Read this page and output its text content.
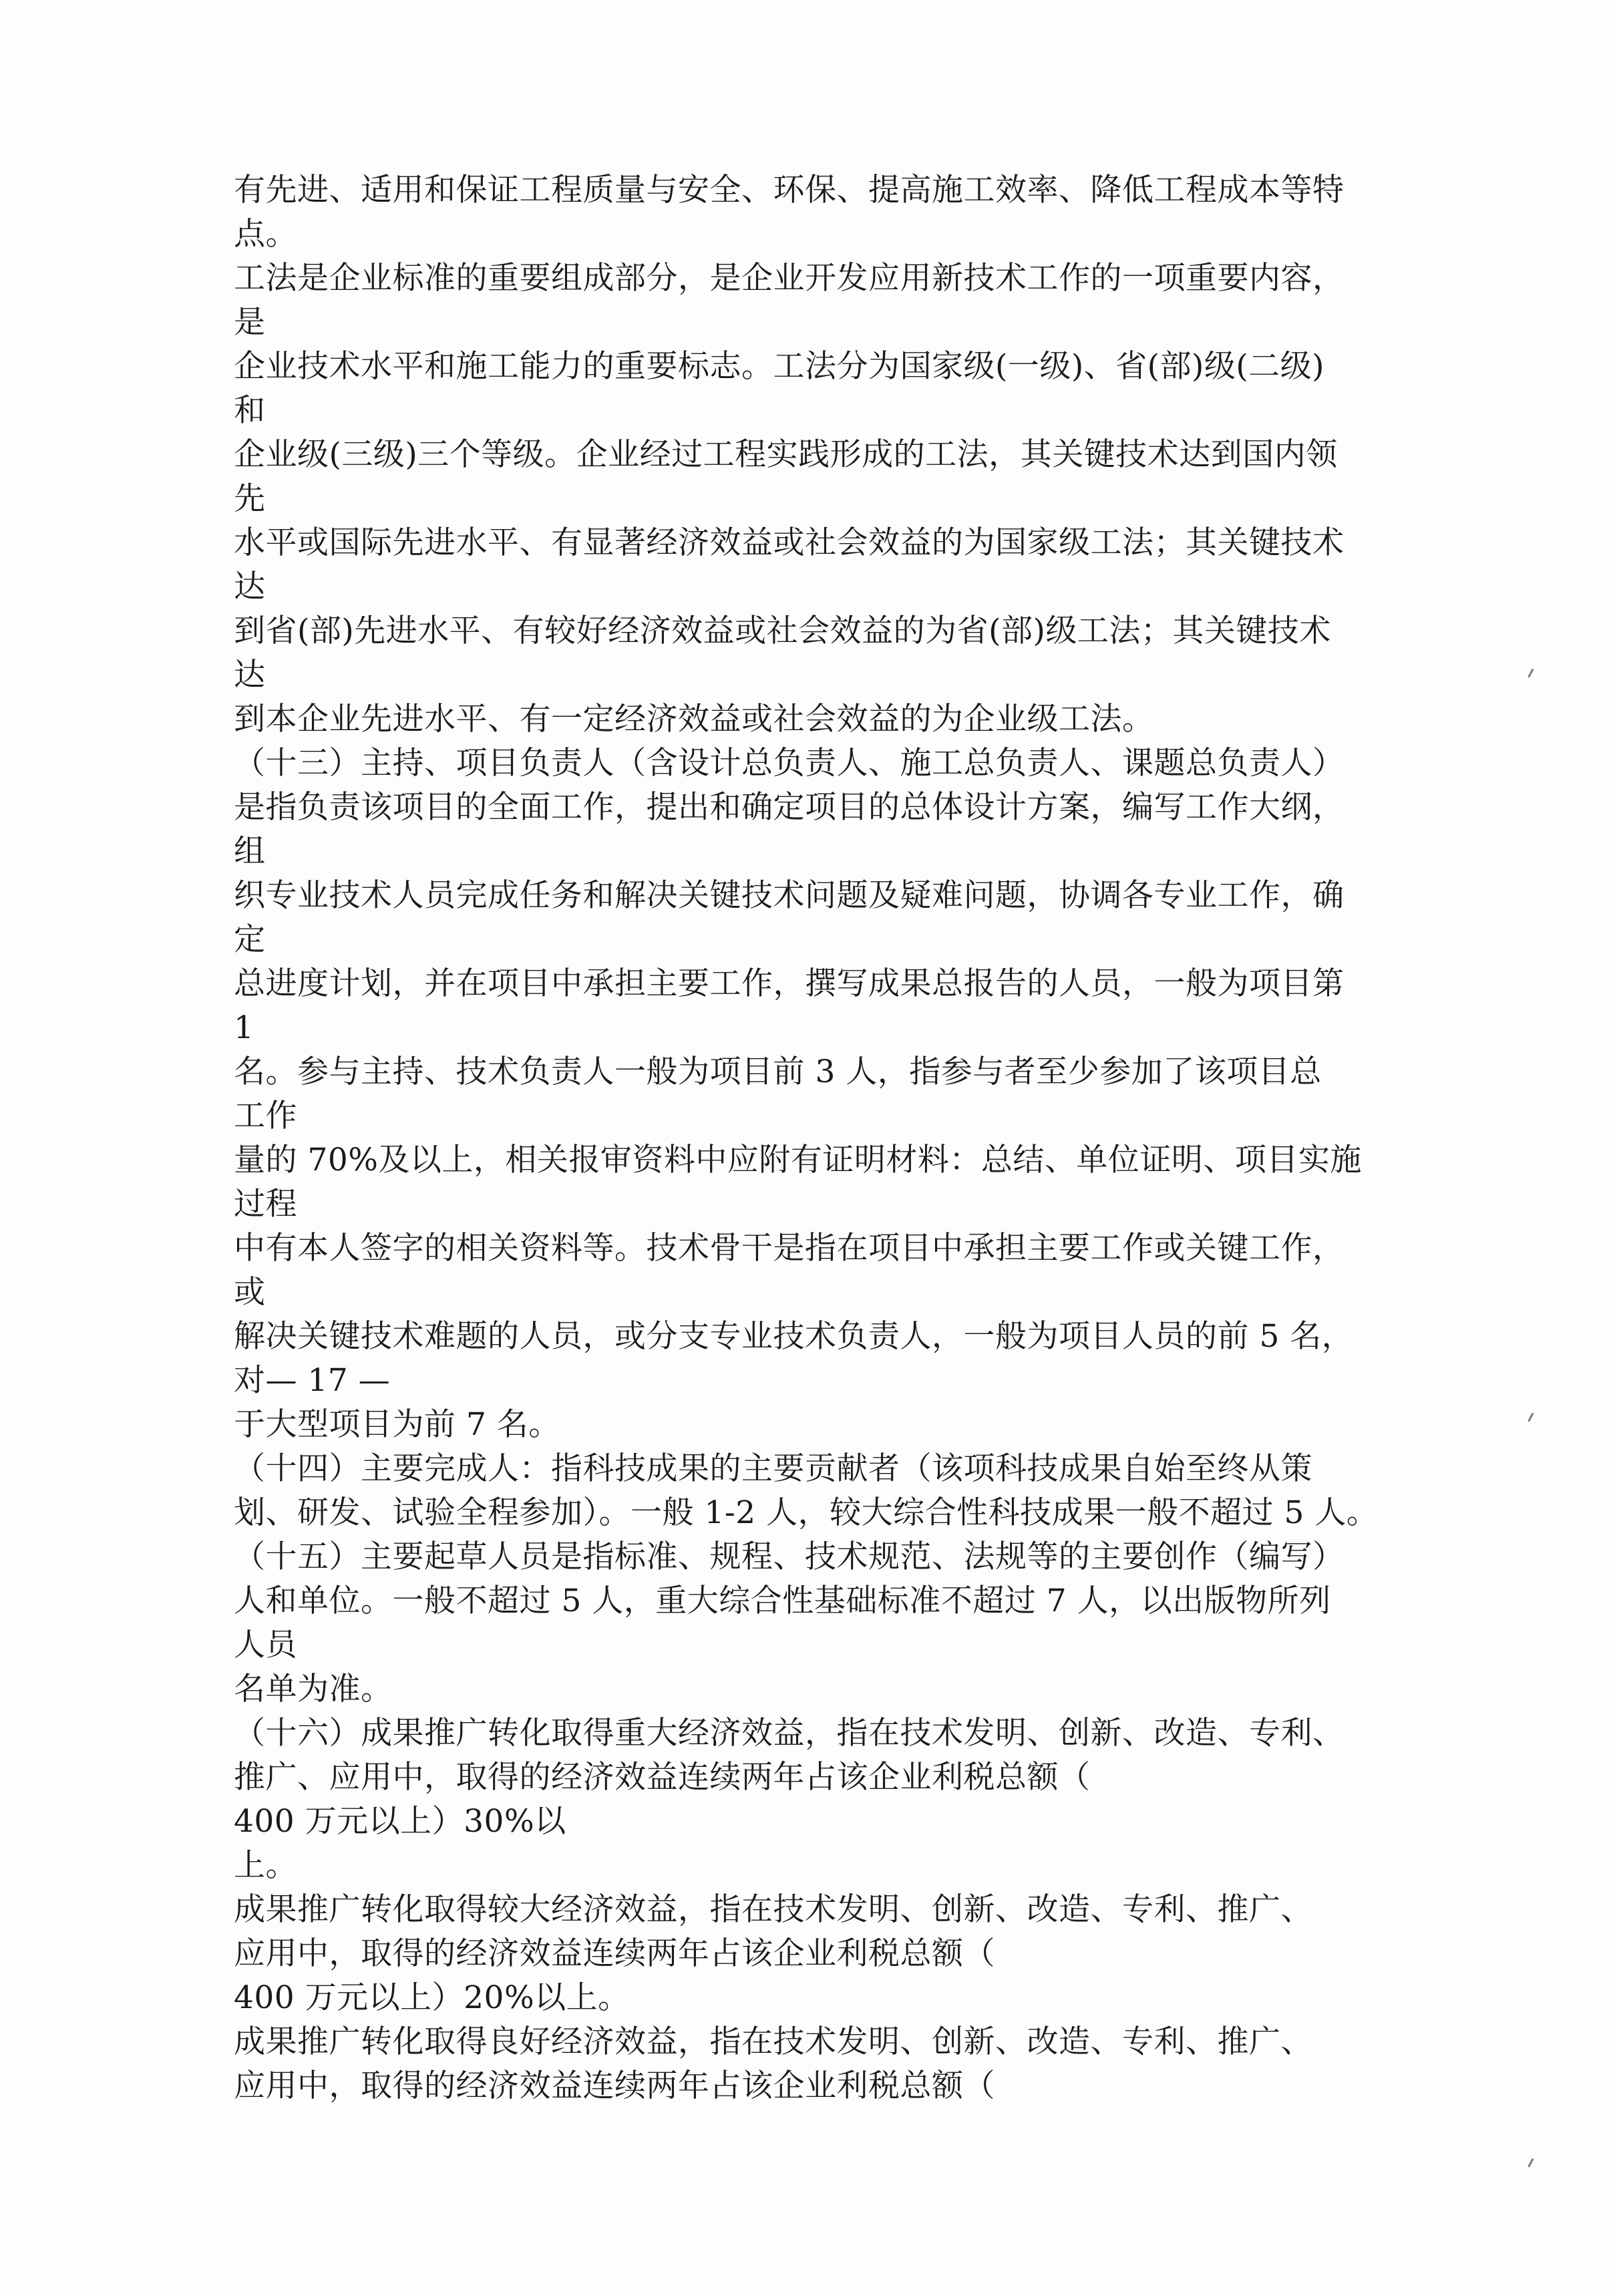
有先进、适用和保证工程质量与安全、环保、提高施工效率、降低工程成本等特
点。
工法是企业标准的重要组成部分，是企业开发应用新技术工作的一项重要内容，
是
企业技术水平和施工能力的重要标志。工法分为国家级(一级)、省(部)级(二级)
和
企业级(三级)三个等级。企业经过工程实践形成的工法，其关键技术达到国内领
先
水平或国际先进水平、有显著经济效益或社会效益的为国家级工法；其关键技术
达
到省(部)先进水平、有较好经济效益或社会效益的为省(部)级工法；其关键技术
达
到本企业先进水平、有一定经济效益或社会效益的为企业级工法。
（十三）主持、项目负责人（含设计总负责人、施工总负责人、课题总负责人）
是指负责该项目的全面工作，提出和确定项目的总体设计方案，编写工作大纲，
组
织专业技术人员完成任务和解决关键技术问题及疑难问题，协调各专业工作，确
定
总进度计划，并在项目中承担主要工作，撰写成果总报告的人员，一般为项目第
1
名。参与主持、技术负责人一般为项目前 3 人，指参与者至少参加了该项目总
工作
量的 70%及以上，相关报审资料中应附有证明材料：总结、单位证明、项目实施
过程
中有本人签字的相关资料等。技术骨干是指在项目中承担主要工作或关键工作，
或
解决关键技术难题的人员，或分支专业技术负责人，一般为项目人员的前 5 名，
对— 17 —
于大型项目为前 7 名。
（十四）主要完成人：指科技成果的主要贡献者（该项科技成果自始至终从策
划、研发、试验全程参加）。一般 1-2 人，较大综合性科技成果一般不超过 5 人。
（十五）主要起草人员是指标准、规程、技术规范、法规等的主要创作（编写）
人和单位。一般不超过 5 人，重大综合性基础标准不超过 7 人，以出版物所列
人员
名单为准。
（十六）成果推广转化取得重大经济效益，指在技术发明、创新、改造、专利、
推广、应用中，取得的经济效益连续两年占该企业利税总额（
400 万元以上）30%以
上。
成果推广转化取得较大经济效益，指在技术发明、创新、改造、专利、推广、
应用中，取得的经济效益连续两年占该企业利税总额（
400 万元以上）20%以上。
成果推广转化取得良好经济效益，指在技术发明、创新、改造、专利、推广、
应用中，取得的经济效益连续两年占该企业利税总额（
